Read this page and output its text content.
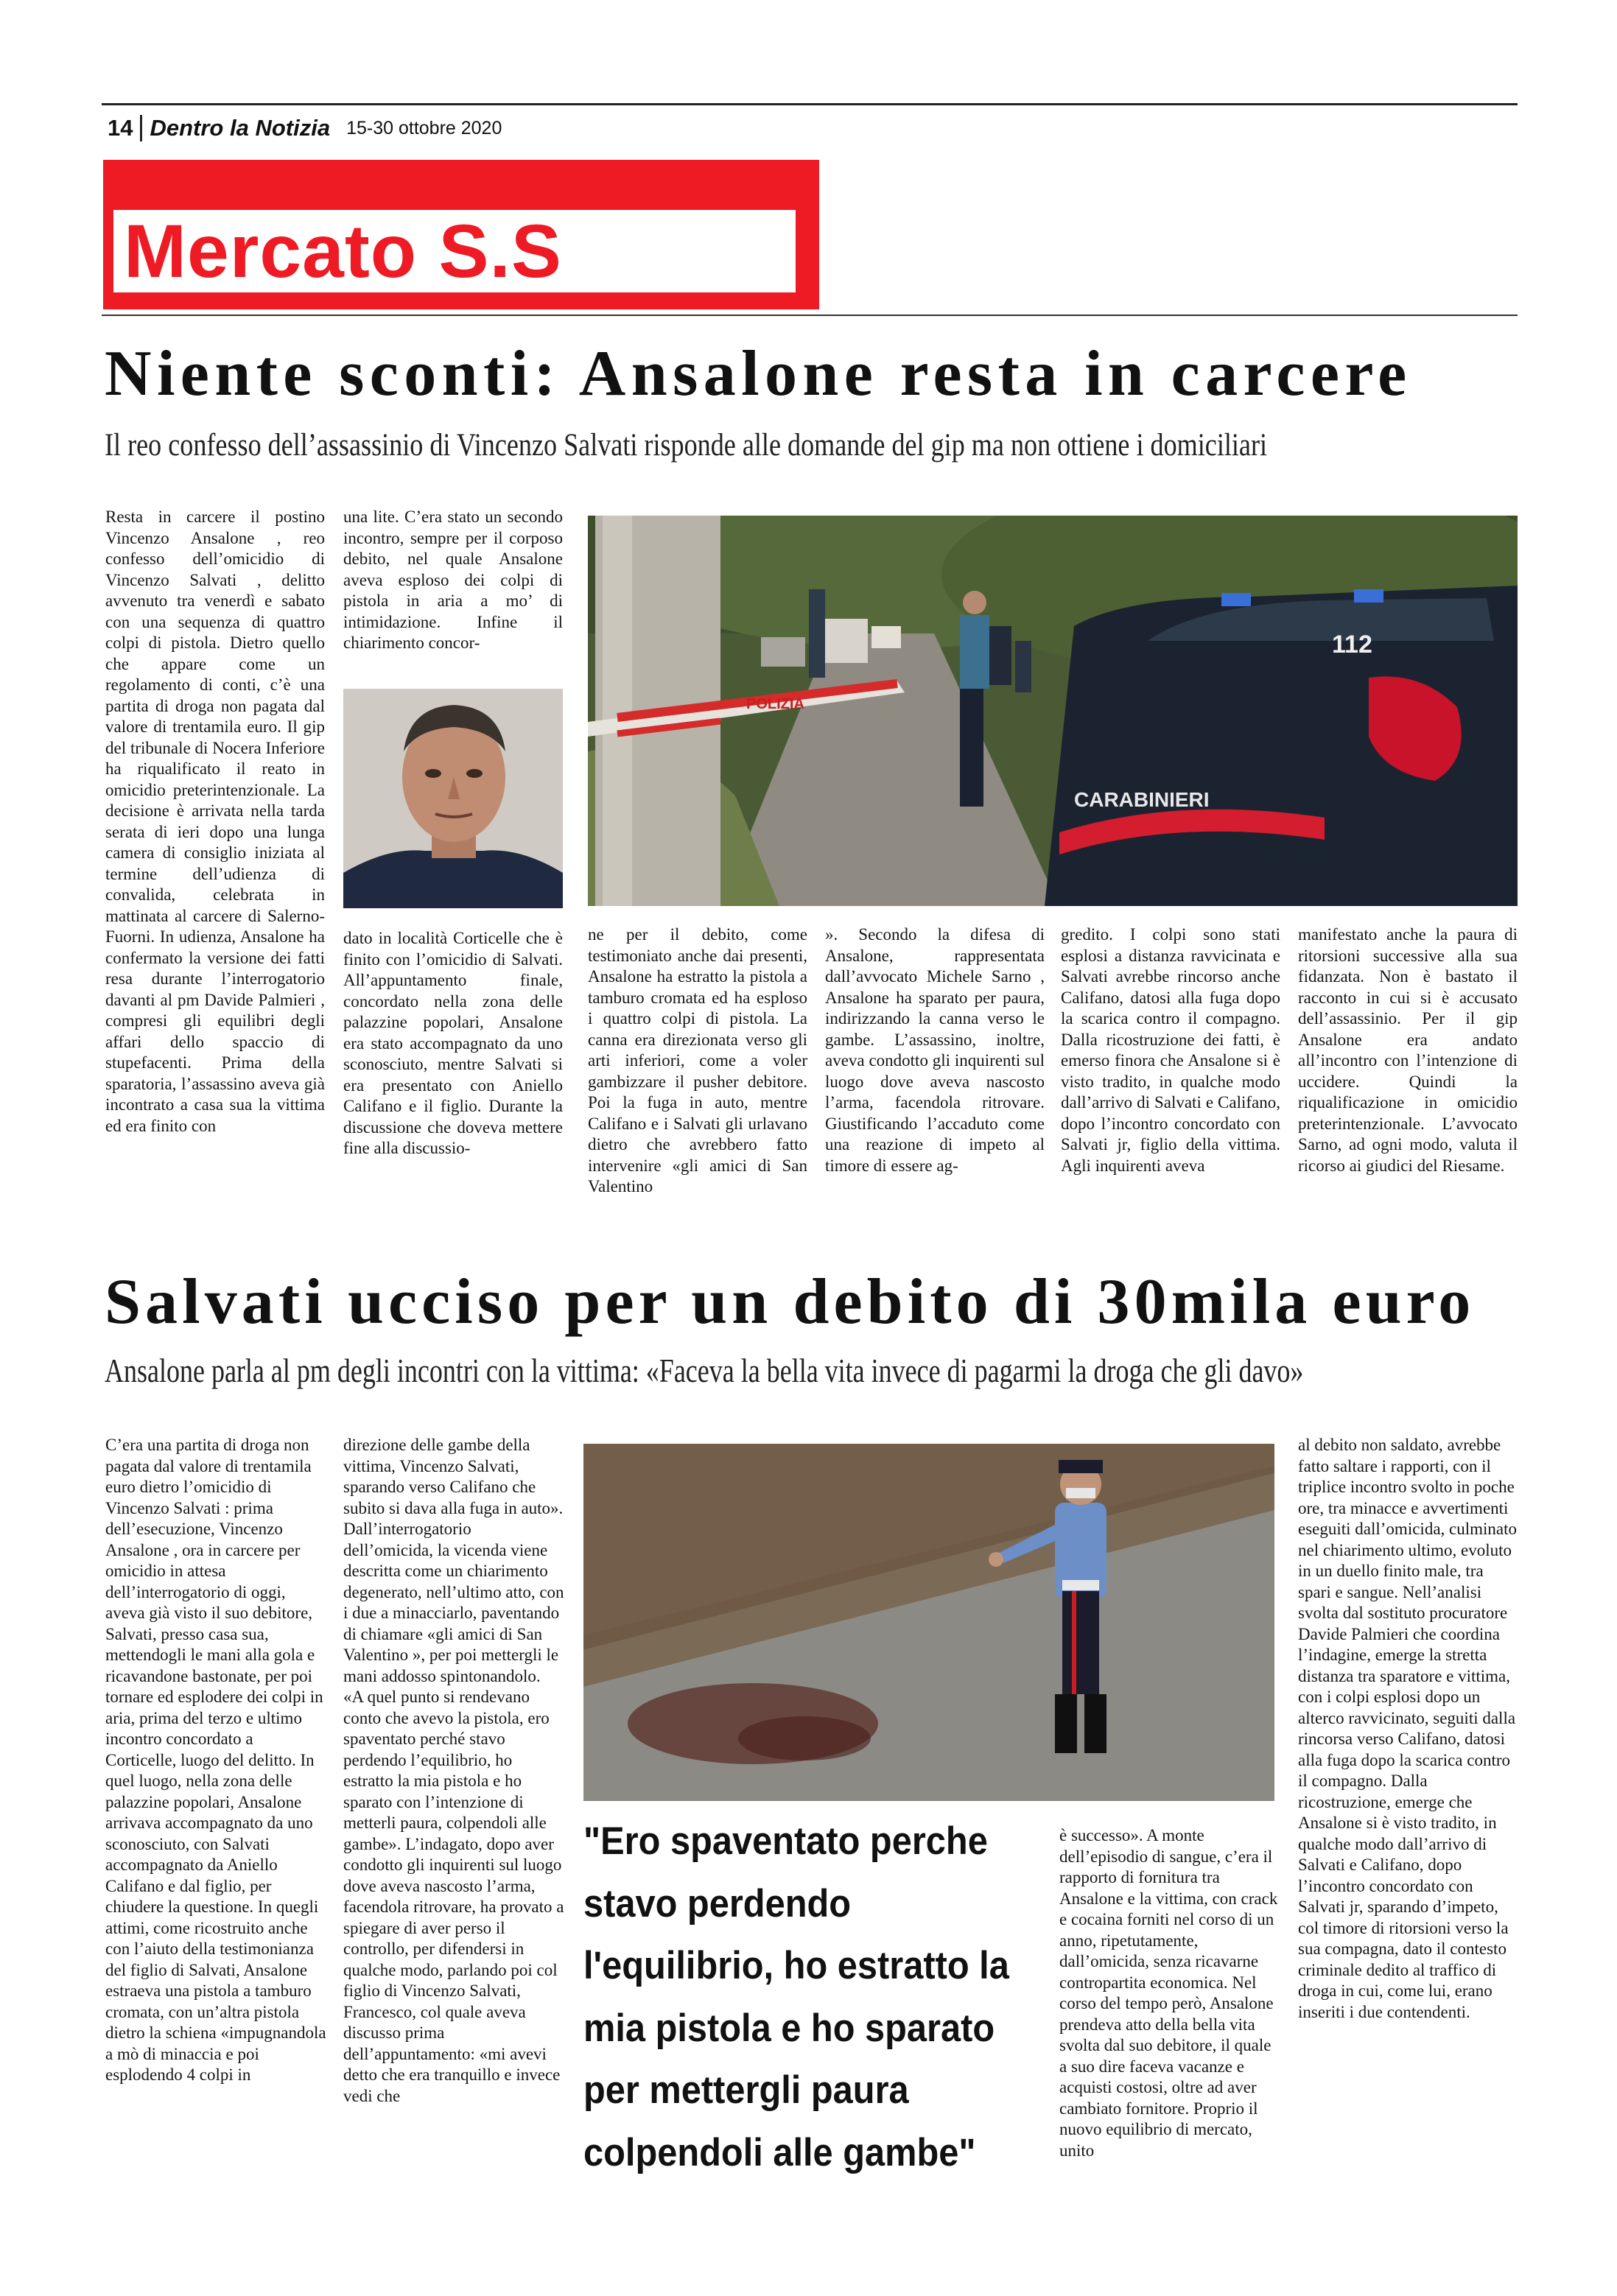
14 Dentro la Notizia 15-30 ottobre 2020
Mercato S.S
Niente sconti: Ansalone resta in carcere
Il reo confesso dell’assassinio di Vincenzo Salvati risponde alle domande del gip ma non ottiene i domiciliari
Resta in carcere il postino Vincenzo Ansalone , reo confesso dell’omicidio di Vincenzo Salvati , delitto avvenuto tra venerdì e sabato con una sequenza di quattro colpi di pistola. Dietro quello che appare come un regolamento di conti, c’è una partita di droga non pagata dal valore di trentamila euro. Il gip del tribunale di Nocera Inferiore ha riqualificato il reato in omicidio preterintenzionale. La decisione è arrivata nella tarda serata di ieri dopo una lunga camera di consiglio iniziata al termine dell’udienza di convalida, celebrata in mattinata al carcere di Salerno-Fuorni. In udienza, Ansalone ha confermato la versione dei fatti resa durante l’interrogatorio davanti al pm Davide Palmieri , compresi gli equilibri degli affari dello spaccio di stupefacenti. Prima della sparatoria, l’assassino aveva già incontrato a casa sua la vittima ed era finito con
una lite. C’era stato un secondo incontro, sempre per il corposo debito, nel quale Ansalone aveva esploso dei colpi di pistola in aria a mo’ di intimidazione. Infine il chiarimento concor-
dato in località Corticelle che è finito con l’omicidio di Salvati. All’appuntamento finale, concordato nella zona delle palazzine popolari, Ansalone era stato accompagnato da uno sconosciuto, mentre Salvati si era presentato con Aniello Califano e il figlio. Durante la discussione che doveva mettere fine alla discussio-
POLIZIA
112
CARABINIERI
ne per il debito, come testimoniato anche dai presenti, Ansalone ha estratto la pistola a tamburo cromata ed ha esploso i quattro colpi di pistola. La canna era direzionata verso gli arti inferiori, come a voler gambizzare il pusher debitore. Poi la fuga in auto, mentre Califano e i Salvati gli urlavano dietro che avrebbero fatto intervenire «gli amici di San Valentino
». Secondo la difesa di Ansalone, rappresentata dall’avvocato Michele Sarno , Ansalone ha sparato per paura, indirizzando la canna verso le gambe. L’assassino, inoltre, aveva condotto gli inquirenti sul luogo dove aveva nascosto l’arma, facendola ritrovare. Giustificando l’accaduto come una reazione di impeto al timore di essere ag-
gredito. I colpi sono stati esplosi a distanza ravvicinata e Salvati avrebbe rincorso anche Califano, datosi alla fuga dopo la scarica contro il compagno. Dalla ricostruzione dei fatti, è emerso finora che Ansalone si è visto tradito, in qualche modo dall’arrivo di Salvati e Califano, dopo l’incontro concordato con Salvati jr, figlio della vittima. Agli inquirenti aveva
manifestato anche la paura di ritorsioni successive alla sua fidanzata. Non è bastato il racconto in cui si è accusato dell’assassinio. Per il gip Ansalone era andato all’incontro con l’intenzione di uccidere. Quindi la riqualificazione in omicidio preterintenzionale. L’avvocato Sarno, ad ogni modo, valuta il ricorso ai giudici del Riesame.
Salvati ucciso per un debito di 30mila euro
Ansalone parla al pm degli incontri con la vittima: «Faceva la bella vita invece di pagarmi la droga che gli davo»
C’era una partita di droga non pagata dal valore di trentamila euro dietro l’omicidio di Vincenzo Salvati : prima dell’esecuzione, Vincenzo Ansalone , ora in carcere per omicidio in attesa dell’interrogatorio di oggi, aveva già visto il suo debitore, Salvati, presso casa sua, mettendogli le mani alla gola e ricavandone bastonate, per poi tornare ed esplodere dei colpi in aria, prima del terzo e ultimo incontro concordato a Corticelle, luogo del delitto. In quel luogo, nella zona delle palazzine popolari, Ansalone arrivava accompagnato da uno sconosciuto, con Salvati accompagnato da Aniello Califano e dal figlio, per chiudere la questione. In quegli attimi, come ricostruito anche con l’aiuto della testimonianza del figlio di Salvati, Ansalone estraeva una pistola a tamburo cromata, con un’altra pistola dietro la schiena «impugnandola a mò di minaccia e poi esplodendo 4 colpi in
direzione delle gambe della vittima, Vincenzo Salvati, sparando verso Califano che subito si dava alla fuga in auto». Dall’interrogatorio dell’omicida, la vicenda viene descritta come un chiarimento degenerato, nell’ultimo atto, con i due a minacciarlo, paventando di chiamare «gli amici di San Valentino », per poi mettergli le mani addosso spintonandolo. «A quel punto si rendevano conto che avevo la pistola, ero spaventato perché stavo perdendo l’equilibrio, ho estratto la mia pistola e ho sparato con l’intenzione di metterli paura, colpendoli alle gambe». L’indagato, dopo aver condotto gli inquirenti sul luogo dove aveva nascosto l’arma, facendola ritrovare, ha provato a spiegare di aver perso il controllo, per difendersi in qualche modo, parlando poi col figlio di Vincenzo Salvati, Francesco, col quale aveva discusso prima dell’appuntamento: «mi avevi detto che era tranquillo e invece vedi che
"Ero spaventato perche stavo perdendo l'equilibrio, ho estratto la mia pistola e ho sparato per mettergli paura colpendoli alle gambe"
è successo». A monte dell’episodio di sangue, c’era il rapporto di fornitura tra Ansalone e la vittima, con crack e cocaina forniti nel corso di un anno, ripetutamente, dall’omicida, senza ricavarne contropartita economica. Nel corso del tempo però, Ansalone prendeva atto della bella vita svolta dal suo debitore, il quale a suo dire faceva vacanze e acquisti costosi, oltre ad aver cambiato fornitore. Proprio il nuovo equilibrio di mercato, unito
al debito non saldato, avrebbe fatto saltare i rapporti, con il triplice incontro svolto in poche ore, tra minacce e avvertimenti eseguiti dall’omicida, culminato nel chiarimento ultimo, evoluto in un duello finito male, tra spari e sangue. Nell’analisi svolta dal sostituto procuratore Davide Palmieri che coordina l’indagine, emerge la stretta distanza tra sparatore e vittima, con i colpi esplosi dopo un alterco ravvicinato, seguiti dalla rincorsa verso Califano, datosi alla fuga dopo la scarica contro il compagno. Dalla ricostruzione, emerge che Ansalone si è visto tradito, in qualche modo dall’arrivo di Salvati e Califano, dopo l’incontro concordato con Salvati jr, sparando d’impeto, col timore di ritorsioni verso la sua compagna, dato il contesto criminale dedito al traffico di droga in cui, come lui, erano inseriti i due contendenti.
